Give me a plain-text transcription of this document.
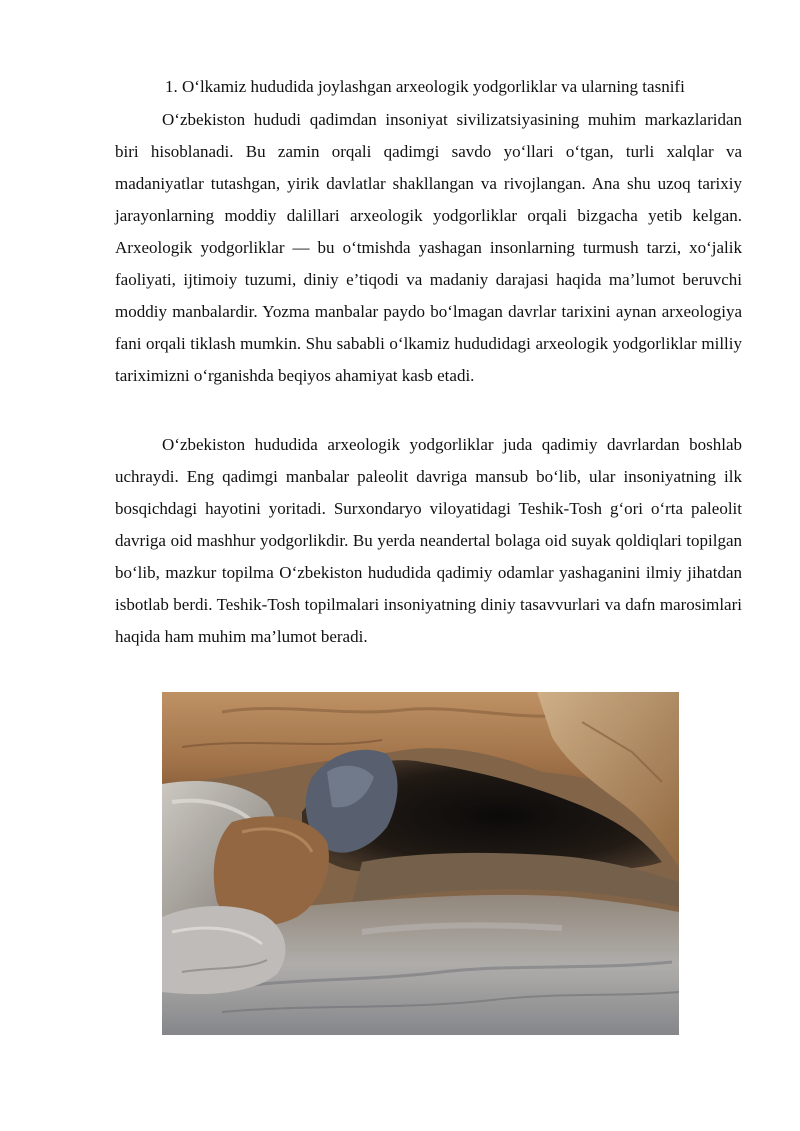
1. O‘lkamiz hududida joylashgan arxeologik yodgorliklar va ularning tasnifi

O‘zbekiston hududi qadimdan insoniyat sivilizatsiyasining muhim markazlaridan biri hisoblanadi. Bu zamin orqali qadimgi savdo yo‘llari o‘tgan, turli xalqlar va madaniyatlar tutashgan, yirik davlatlar shakllangan va rivojlangan. Ana shu uzoq tarixiy jarayonlarning moddiy dalillari arxeologik yodgorliklar orqali bizgacha yetib kelgan. Arxeologik yodgorliklar — bu o‘tmishda yashagan insonlarning turmush tarzi, xo‘jalik faoliyati, ijtimoiy tuzumi, diniy e’tiqodi va madaniy darajasi haqida ma’lumot beruvchi moddiy manbalardir. Yozma manbalar paydo bo‘lmagan davrlar tarixini aynan arxeologiya fani orqali tiklash mumkin. Shu sababli o‘lkamiz hududidagi arxeologik yodgorliklar milliy tariximizni o‘rganishda beqiyos ahamiyat kasb etadi.

O‘zbekiston hududida arxeologik yodgorliklar juda qadimiy davrlardan boshlab uchraydi. Eng qadimgi manbalar paleolit davriga mansub bo‘lib, ular insoniyatning ilk bosqichdagi hayotini yoritadi. Surxondaryo viloyatidagi Teshik-Tosh g‘ori o‘rta paleolit davriga oid mashhur yodgorlikdir. Bu yerda neandertal bolaga oid suyak qoldiqlari topilgan bo‘lib, mazkur topilma O‘zbekiston hududida qadimiy odamlar yashaganini ilmiy jihatdan isbotlab berdi. Teshik-Tosh topilmalari insoniyatning diniy tasavvurlari va dafn marosimlari haqida ham muhim ma’lumot beradi.
